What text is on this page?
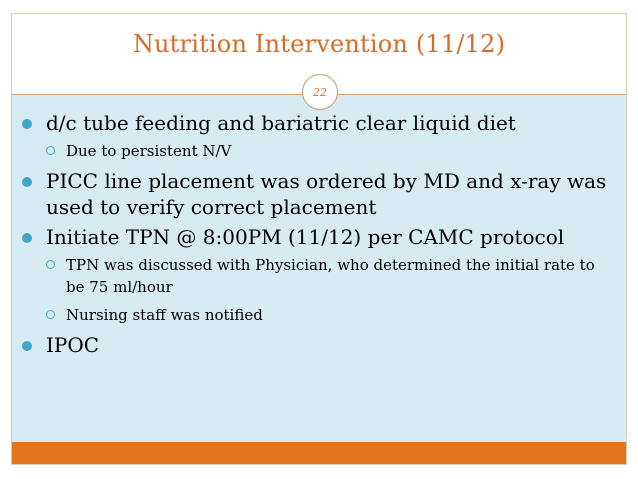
Nutrition Intervention (11/12)
22
d/c tube feeding and bariatric clear liquid diet
Due to persistent N/V
PICC line placement was ordered by MD and x-ray was used to verify correct placement
Initiate TPN @ 8:00PM (11/12) per CAMC protocol
TPN was discussed with Physician, who determined the initial rate to be 75 ml/hour
Nursing staff was notified
IPOC
